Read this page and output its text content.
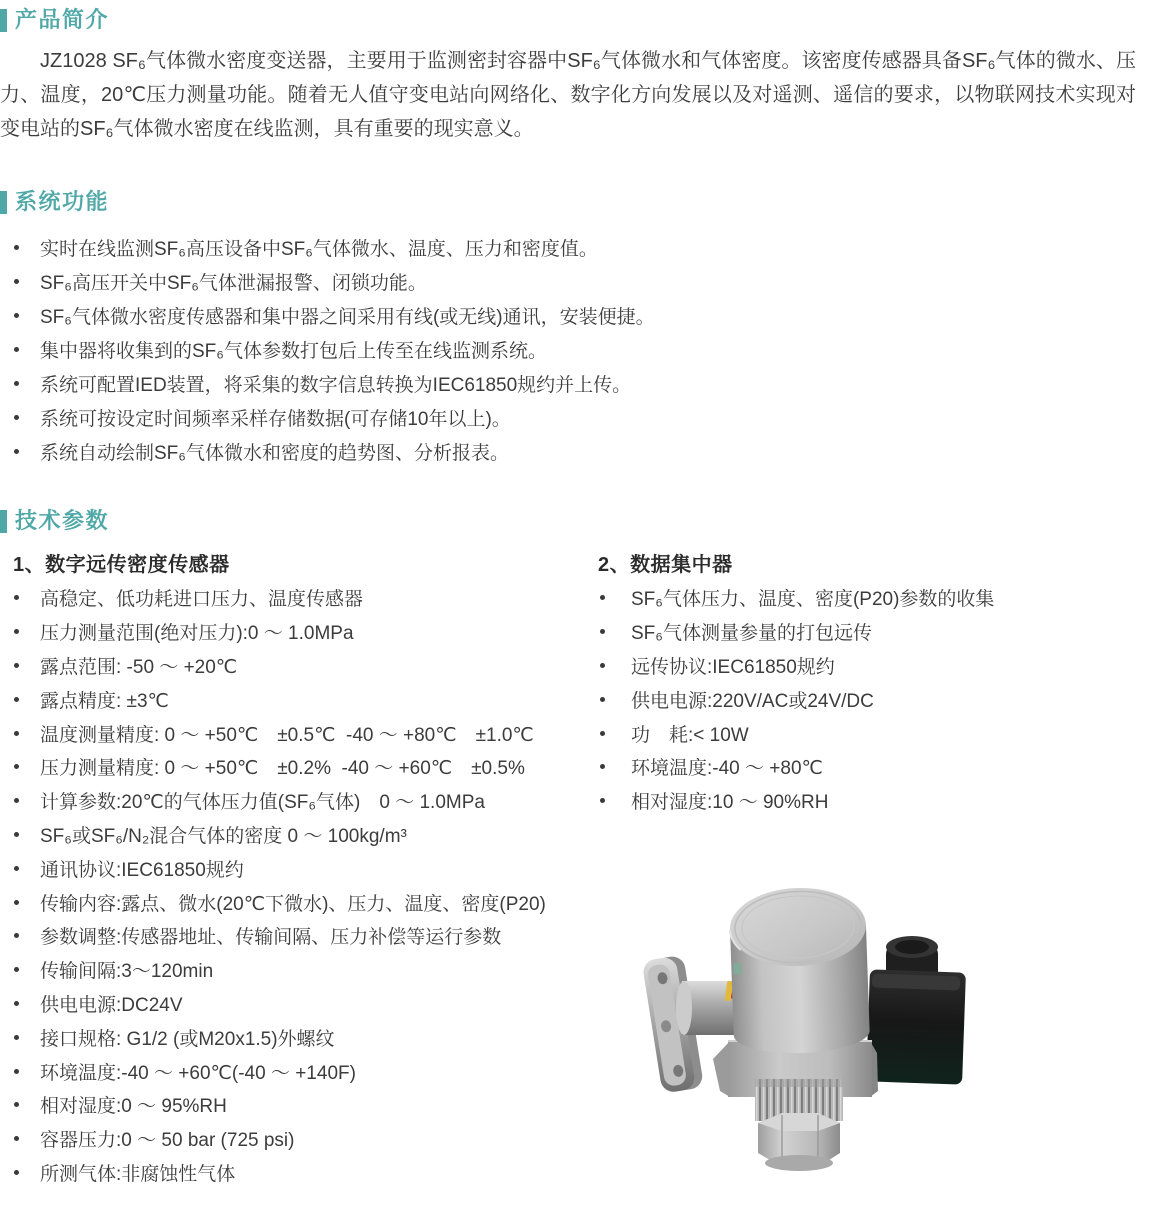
产品简介

JZ1028 SF₆气体微水密度变送器，主要用于监测密封容器中SF₆气体微水和气体密度。该密度传感器具备SF₆气体的微水、压力、温度，20℃压力测量功能。随着无人值守变电站向网络化、数字化方向发展以及对遥测、遥信的要求，以物联网技术实现对变电站的SF₆气体微水密度在线监测，具有重要的现实意义。

系统功能
实时在线监测SF₆高压设备中SF₆气体微水、温度、压力和密度值。
SF₆高压开关中SF₆气体泄漏报警、闭锁功能。
SF₆气体微水密度传感器和集中器之间采用有线(或无线)通讯，安装便捷。
集中器将收集到的SF₆气体参数打包后上传至在线监测系统。
系统可配置IED装置，将采集的数字信息转换为IEC61850规约并上传。
系统可按设定时间频率采样存储数据(可存储10年以上)。
系统自动绘制SF₆气体微水和密度的趋势图、分析报表。
技术参数
1、数字远传密度传感器
高稳定、低功耗进口压力、温度传感器
压力测量范围(绝对压力):0 ～ 1.0MPa
露点范围: -50 ～ +20℃
露点精度: ±3℃
温度测量精度: 0 ～ +50℃　±0.5℃  -40 ～ +80℃　±1.0℃
压力测量精度: 0 ～ +50℃　±0.2%  -40 ～ +60℃　±0.5%
计算参数:20℃的气体压力值(SF₆气体)　0 ～ 1.0MPa
SF₆或SF₆/N₂混合气体的密度 0 ～ 100kg/m³
通讯协议:IEC61850规约
传输内容:露点、微水(20℃下微水)、压力、温度、密度(P20)
参数调整:传感器地址、传输间隔、压力补偿等运行参数
传输间隔:3～120min
供电电源:DC24V
接口规格: G1/2 (或M20x1.5)外螺纹
环境温度:-40 ～ +60℃(-40 ～ +140F)
相对湿度:0 ～ 95%RH
容器压力:0 ～ 50 bar (725 psi)
所测气体:非腐蚀性气体
2、数据集中器
SF₆气体压力、温度、密度(P20)参数的收集
SF₆气体测量参量的打包远传
远传协议:IEC61850规约
供电电源:220V/AC或24V/DC
功　耗:< 10W
环境温度:-40 ～ +80℃
相对湿度:10 ～ 90%RH
